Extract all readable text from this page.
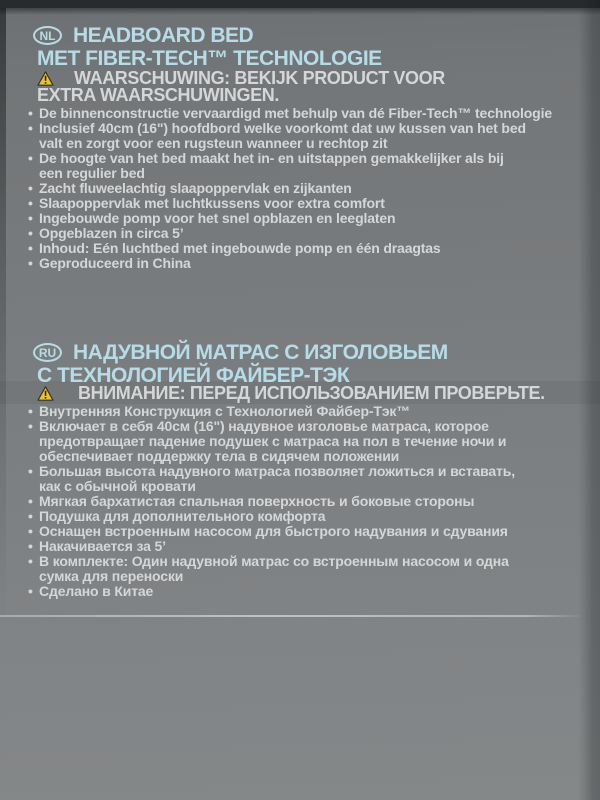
NL HEADBOARD BED
MET FIBER-TECH™ TECHNOLOGIE
WAARSCHUWING: BEKIJK PRODUCT VOOR
EXTRA WAARSCHUWINGEN.
• De binnenconstructie vervaardigd met behulp van dé Fiber-Tech™ technologie
• Inclusief 40cm (16") hoofdbord welke voorkomt dat uw kussen van het bed
valt en zorgt voor een rugsteun wanneer u rechtop zit
• De hoogte van het bed maakt het in- en uitstappen gemakkelijker als bij
een regulier bed
• Zacht fluweelachtig slaapoppervlak en zijkanten
• Slaapoppervlak met luchtkussens voor extra comfort
• Ingebouwde pomp voor het snel opblazen en leeglaten
• Opgeblazen in circa 5’
• Inhoud: Eén luchtbed met ingebouwde pomp en één draagtas
• Geproduceerd in China
RU НАДУВНОЙ МАТРАС С ИЗГОЛОВЬЕМ
С ТЕХНОЛОГИЕЙ ФАЙБЕР-ТЭК
ВНИМАНИЕ: ПЕРЕД ИСПОЛЬЗОВАНИЕМ ПРОВЕРЬТЕ.
• Внутренняя Конструкция с Технологией Файбер-Тэк™
• Включает в себя 40см (16") надувное изголовье матраса, которое
предотвращает падение подушек с матраса на пол в течение ночи и
обеспечивает поддержку тела в сидячем положении
• Большая высота надувного матраса позволяет ложиться и вставать,
как с обычной кровати
• Мягкая бархатистая спальная поверхность и боковые стороны
• Подушка для дополнительного комфорта
• Оснащен встроенным насосом для быстрого надувания и сдувания
• Накачивается за 5’
• В комплекте: Один надувной матрас со встроенным насосом и одна
сумка для переноски
• Сделано в Китае
